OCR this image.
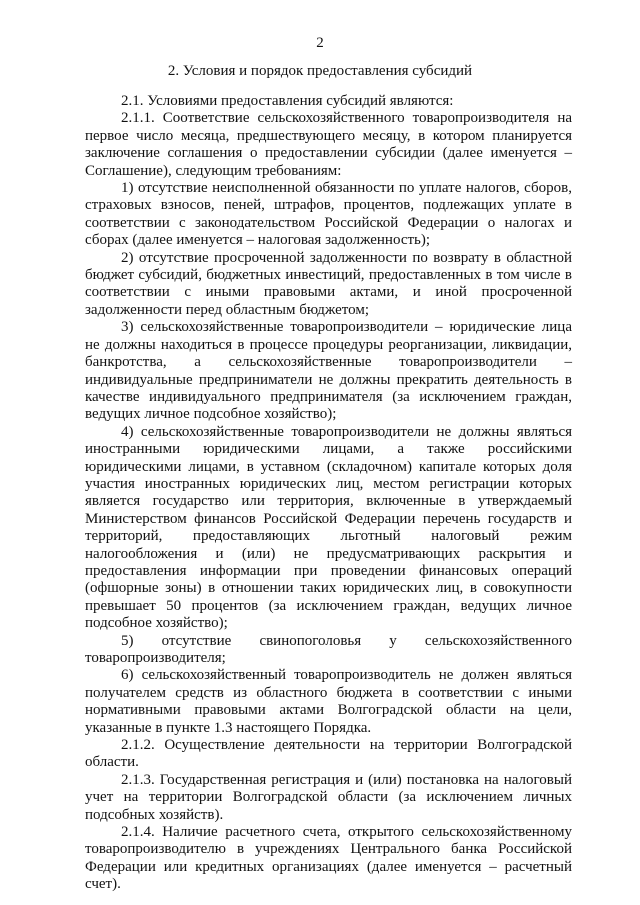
2
2. Условия и порядок предоставления субсидий

2.1. Условиями предоставления субсидий являются:

2.1.1. Соответствие сельскохозяйственного товаропроизводителя на первое число месяца, предшествующего месяцу, в котором планируется заключение соглашения о предоставлении субсидии (далее именуется – Соглашение), следующим требованиям:

1) отсутствие неисполненной обязанности по уплате налогов, сборов, страховых взносов, пеней, штрафов, процентов, подлежащих уплате в соответствии с законодательством Российской Федерации о налогах и сборах (далее именуется – налоговая задолженность);

2) отсутствие просроченной задолженности по возврату в областной бюджет субсидий, бюджетных инвестиций, предоставленных в том числе в соответствии с иными правовыми актами, и иной просроченной задолженности перед областным бюджетом;

3) сельскохозяйственные товаропроизводители – юридические лица не должны находиться в процессе процедуры реорганизации, ликвидации, банкротства, а сельскохозяйственные товаропроизводители – индивидуальные предприниматели не должны прекратить деятельность в качестве индивидуального предпринимателя (за исключением граждан, ведущих личное подсобное хозяйство);

4) сельскохозяйственные товаропроизводители не должны являться иностранными юридическими лицами, а также российскими юридическими лицами, в уставном (складочном) капитале которых доля участия иностранных юридических лиц, местом регистрации которых является государство или территория, включенные в утверждаемый Министерством финансов Российской Федерации перечень государств и территорий, предоставляющих льготный налоговый режим налогообложения и (или) не предусматривающих раскрытия и предоставления информации при проведении финансовых операций (офшорные зоны) в отношении таких юридических лиц, в совокупности превышает 50 процентов (за исключением граждан, ведущих личное подсобное хозяйство);

5) отсутствие свинопоголовья у сельскохозяйственного товаропроизводителя;

6) сельскохозяйственный товаропроизводитель не должен являться получателем средств из областного бюджета в соответствии с иными нормативными правовыми актами Волгоградской области на цели, указанные в пункте 1.3 настоящего Порядка.

2.1.2. Осуществление деятельности на территории Волгоградской области.

2.1.3. Государственная регистрация и (или) постановка на налоговый учет на территории Волгоградской области (за исключением личных подсобных хозяйств).

2.1.4. Наличие расчетного счета, открытого сельскохозяйственному товаропроизводителю в учреждениях Центрального банка Российской Федерации или кредитных организациях (далее именуется – расчетный счет).
